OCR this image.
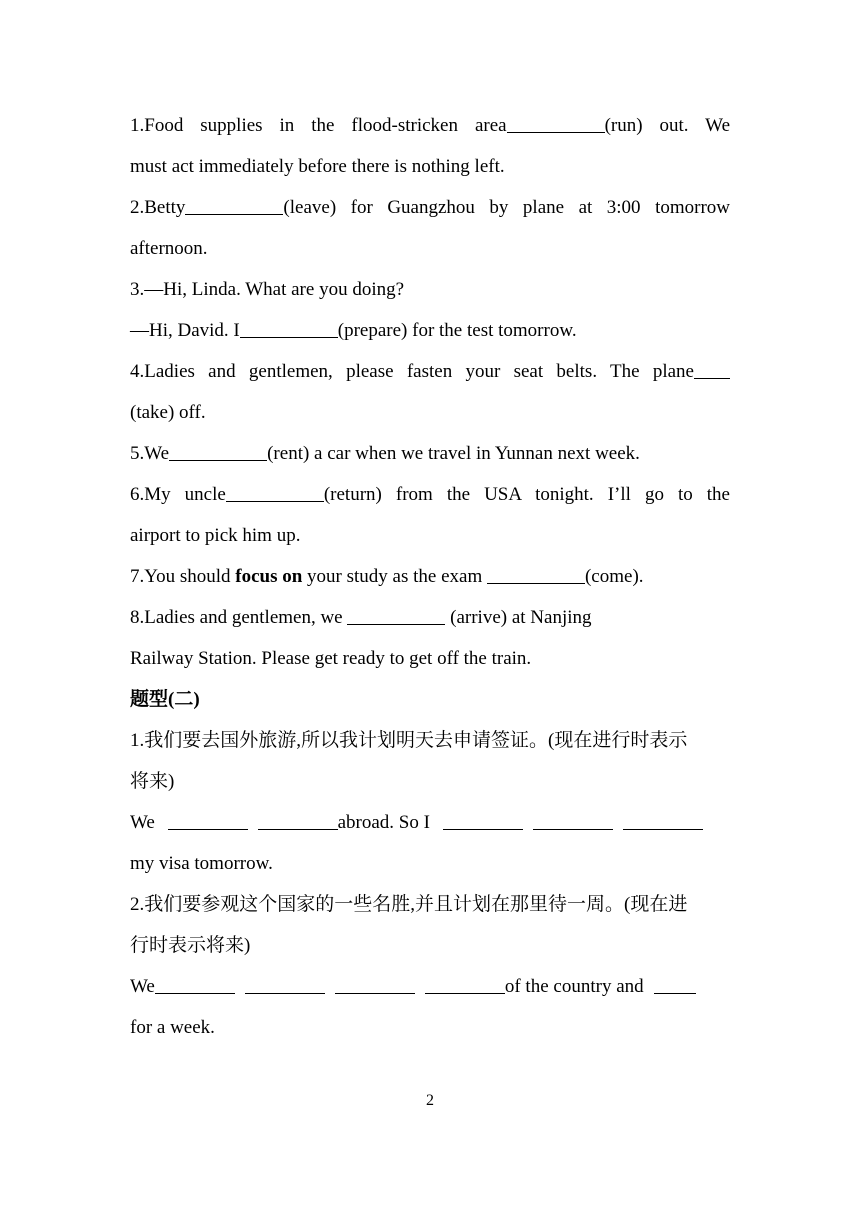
1.Food supplies in the flood-stricken area	(run) out. We
must act immediately before there is nothing left.
2.Betty	(leave) for Guangzhou by plane at 3:00 tomorrow
afternoon.
3.—Hi, Linda. What are you doing?
—Hi, David. I	(prepare) for the test tomorrow.
4.Ladies and gentlemen, please fasten your seat belts. The plane
(take) off.
5.We	(rent) a car when we travel in Yunnan next week.
6.My uncle	(return) from the USA tonight. I’ll go to the
airport to pick him up.
7.You should focus on your study as the exam	(come).
8.Ladies and gentlemen, we	(arrive) at Nanjing
Railway Station. Please get ready to get off the train.
题型(二)
1.我们要去国外旅游,所以我计划明天去申请签证。(现在进行时表示
将来)
We	abroad. So I
my visa tomorrow.
2.我们要参观这个国家的一些名胜,并且计划在那里待一周。(现在进
行时表示将来)
We	of the country and
for a week.
2
